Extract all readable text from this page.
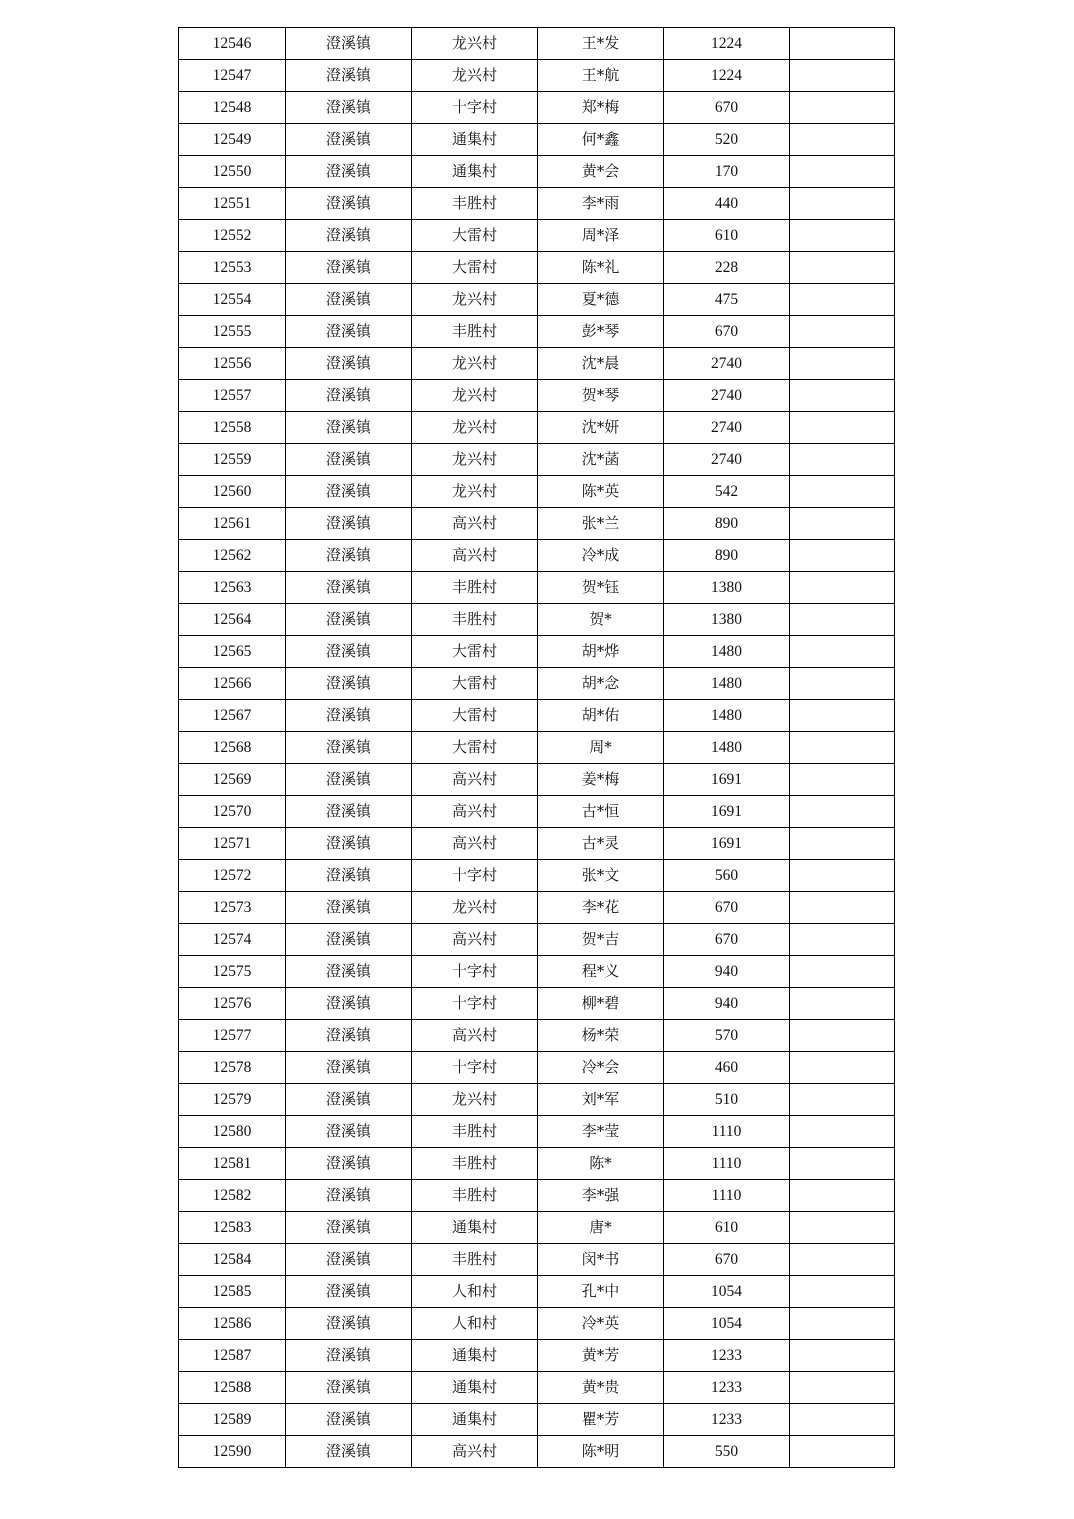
12546	澄溪镇	龙兴村	王*发	1224	
12547	澄溪镇	龙兴村	王*航	1224	
12548	澄溪镇	十字村	郑*梅	670	
12549	澄溪镇	通集村	何*鑫	520	
12550	澄溪镇	通集村	黄*会	170	
12551	澄溪镇	丰胜村	李*雨	440	
12552	澄溪镇	大雷村	周*泽	610	
12553	澄溪镇	大雷村	陈*礼	228	
12554	澄溪镇	龙兴村	夏*德	475	
12555	澄溪镇	丰胜村	彭*琴	670	
12556	澄溪镇	龙兴村	沈*晨	2740	
12557	澄溪镇	龙兴村	贺*琴	2740	
12558	澄溪镇	龙兴村	沈*妍	2740	
12559	澄溪镇	龙兴村	沈*菡	2740	
12560	澄溪镇	龙兴村	陈*英	542	
12561	澄溪镇	高兴村	张*兰	890	
12562	澄溪镇	高兴村	冷*成	890	
12563	澄溪镇	丰胜村	贺*钰	1380	
12564	澄溪镇	丰胜村	贺*	1380	
12565	澄溪镇	大雷村	胡*烨	1480	
12566	澄溪镇	大雷村	胡*念	1480	
12567	澄溪镇	大雷村	胡*佑	1480	
12568	澄溪镇	大雷村	周*	1480	
12569	澄溪镇	高兴村	姜*梅	1691	
12570	澄溪镇	高兴村	古*恒	1691	
12571	澄溪镇	高兴村	古*灵	1691	
12572	澄溪镇	十字村	张*文	560	
12573	澄溪镇	龙兴村	李*花	670	
12574	澄溪镇	高兴村	贺*吉	670	
12575	澄溪镇	十字村	程*义	940	
12576	澄溪镇	十字村	柳*碧	940	
12577	澄溪镇	高兴村	杨*荣	570	
12578	澄溪镇	十字村	冷*会	460	
12579	澄溪镇	龙兴村	刘*军	510	
12580	澄溪镇	丰胜村	李*莹	1110	
12581	澄溪镇	丰胜村	陈*	1110	
12582	澄溪镇	丰胜村	李*强	1110	
12583	澄溪镇	通集村	唐*	610	
12584	澄溪镇	丰胜村	闵*书	670	
12585	澄溪镇	人和村	孔*中	1054	
12586	澄溪镇	人和村	冷*英	1054	
12587	澄溪镇	通集村	黄*芳	1233	
12588	澄溪镇	通集村	黄*贵	1233	
12589	澄溪镇	通集村	瞿*芳	1233	
12590	澄溪镇	高兴村	陈*明	550	
